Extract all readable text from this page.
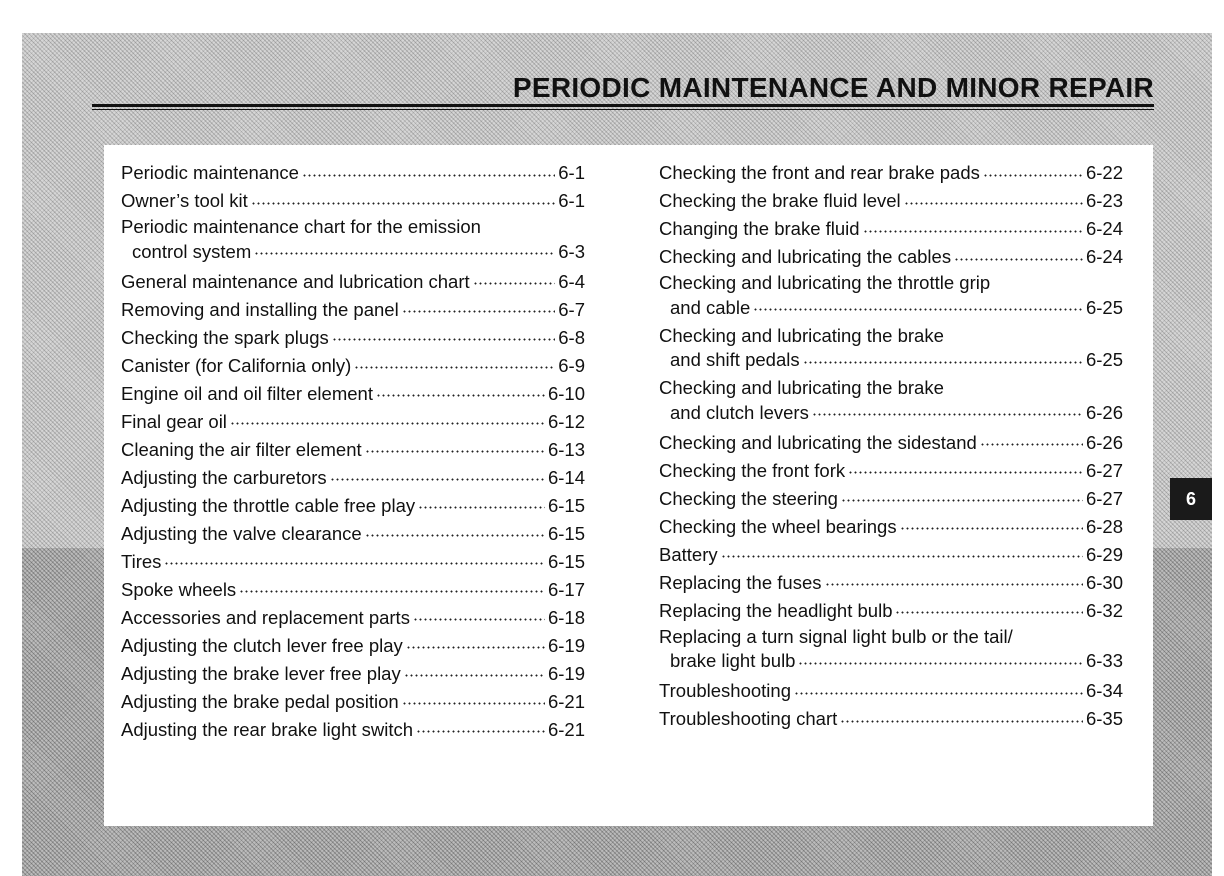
PERIODIC MAINTENANCE AND MINOR REPAIR
Periodic maintenance	6-1
Owner’s tool kit	6-1
Periodic maintenance chart for the emission
control system	6-3
General maintenance and lubrication chart	6-4
Removing and installing the panel	6-7
Checking the spark plugs	6-8
Canister (for California only)	6-9
Engine oil and oil filter element	6-10
Final gear oil	6-12
Cleaning the air filter element	6-13
Adjusting the carburetors	6-14
Adjusting the throttle cable free play	6-15
Adjusting the valve clearance	6-15
Tires	6-15
Spoke wheels	6-17
Accessories and replacement parts	6-18
Adjusting the clutch lever free play	6-19
Adjusting the brake lever free play	6-19
Adjusting the brake pedal position	6-21
Adjusting the rear brake light switch	6-21
Checking the front and rear brake pads	6-22
Checking the brake fluid level	6-23
Changing the brake fluid	6-24
Checking and lubricating the cables	6-24
Checking and lubricating the throttle grip
and cable	6-25
Checking and lubricating the brake
and shift pedals	6-25
Checking and lubricating the brake
and clutch levers	6-26
Checking and lubricating the sidestand	6-26
Checking the front fork	6-27
Checking the steering	6-27
Checking the wheel bearings	6-28
Battery	6-29
Replacing the fuses	6-30
Replacing the headlight bulb	6-32
Replacing a turn signal light bulb or the tail/
brake light bulb	6-33
Troubleshooting	6-34
Troubleshooting chart	6-35
6
